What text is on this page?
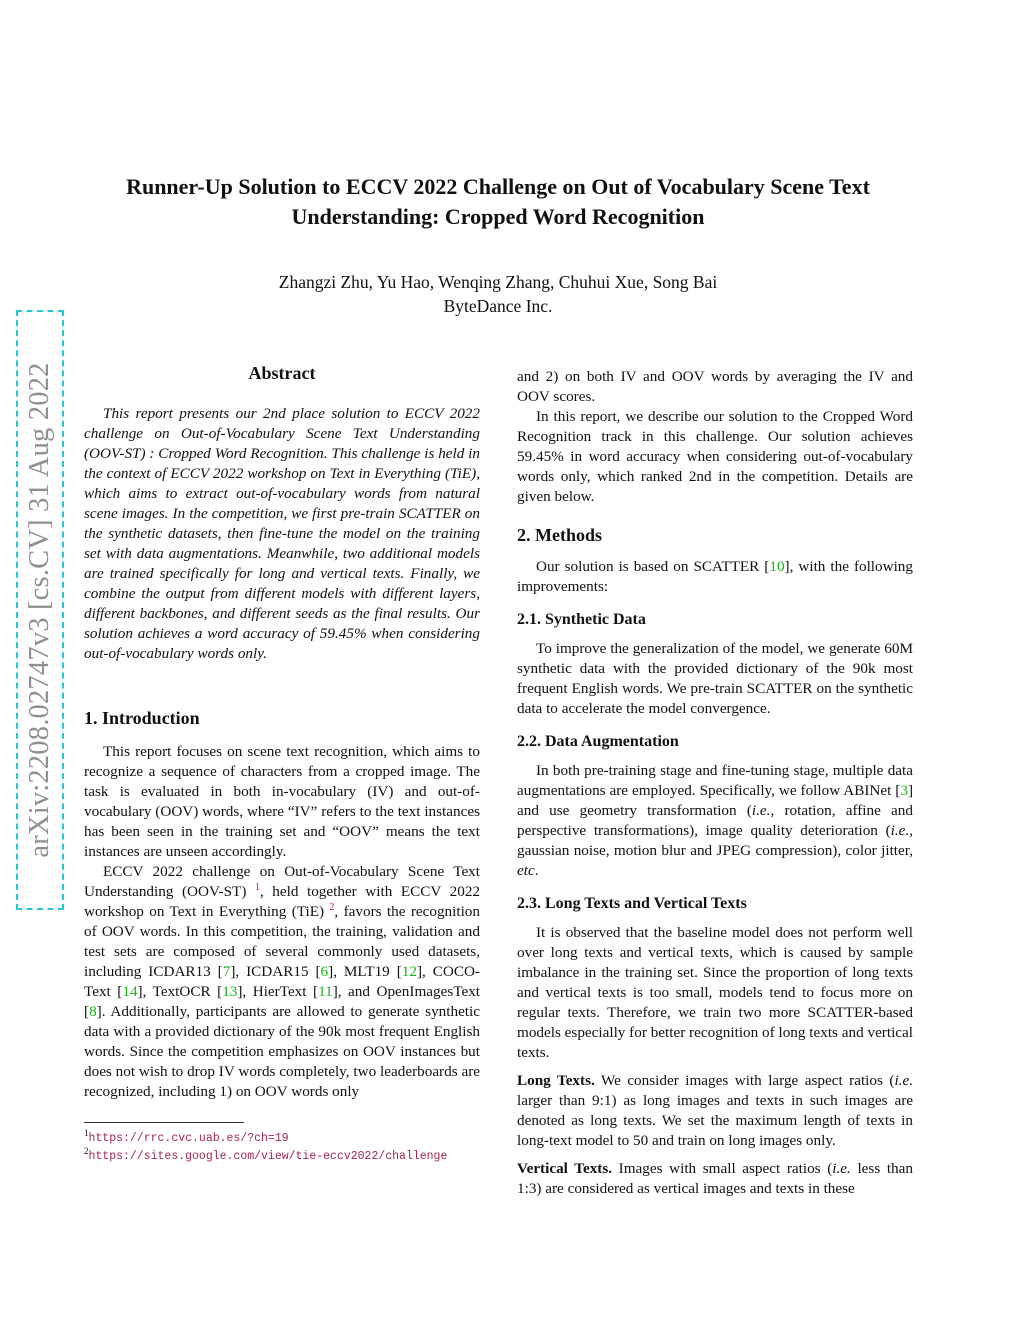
arXiv:2208.02747v3 [cs.CV] 31 Aug 2022
Runner-Up Solution to ECCV 2022 Challenge on Out of Vocabulary Scene Text
Understanding: Cropped Word Recognition
Zhangzi Zhu, Yu Hao, Wenqing Zhang, Chuhui Xue, Song Bai
ByteDance Inc.
Abstract

This report presents our 2nd place solution to ECCV 2022 challenge on Out-of-Vocabulary Scene Text Understanding (OOV-ST) : Cropped Word Recognition. This challenge is held in the context of ECCV 2022 workshop on Text in Everything (TiE), which aims to extract out-of-vocabulary words from natural scene images. In the competition, we first pre-train SCATTER on the synthetic datasets, then fine-tune the model on the training set with data augmentations. Meanwhile, two additional models are trained specifically for long and vertical texts. Finally, we combine the output from different models with different layers, different backbones, and different seeds as the final results. Our solution achieves a word accuracy of 59.45% when considering out-of-vocabulary words only.

1. Introduction

This report focuses on scene text recognition, which aims to recognize a sequence of characters from a cropped image. The task is evaluated in both in-vocabulary (IV) and out-of-vocabulary (OOV) words, where “IV” refers to the text instances has been seen in the training set and “OOV” means the text instances are unseen accordingly.

ECCV 2022 challenge on Out-of-Vocabulary Scene Text Understanding (OOV-ST) $^1$, held together with ECCV 2022 workshop on Text in Everything (TiE) $^2$, favors the recognition of OOV words. In this competition, the training, validation and test sets are composed of several commonly used datasets, including ICDAR13 [7], ICDAR15 [6], MLT19 [12], COCO-Text [14], TextOCR [13], HierText [11], and OpenImagesText [8]. Additionally, participants are allowed to generate synthetic data with a provided dictionary of the 90k most frequent English words. Since the competition emphasizes on OOV instances but does not wish to drop IV words completely, two leaderboards are recognized, including 1) on OOV words only

$^1$https://rrc.cvc.uab.es/?ch=19
$^2$https://sites.google.com/view/tie-eccv2022/challenge

and 2) on both IV and OOV words by averaging the IV and OOV scores.

In this report, we describe our solution to the Cropped Word Recognition track in this challenge. Our solution achieves 59.45% in word accuracy when considering out-of-vocabulary words only, which ranked 2nd in the competition. Details are given below.

2. Methods

Our solution is based on SCATTER [10], with the following improvements:

2.1. Synthetic Data

To improve the generalization of the model, we generate 60M synthetic data with the provided dictionary of the 90k most frequent English words. We pre-train SCATTER on the synthetic data to accelerate the model convergence.

2.2. Data Augmentation

In both pre-training stage and fine-tuning stage, multiple data augmentations are employed. Specifically, we follow ABINet [3] and use geometry transformation (i.e., rotation, affine and perspective transformations), image quality deterioration (i.e., gaussian noise, motion blur and JPEG compression), color jitter, etc.

2.3. Long Texts and Vertical Texts

It is observed that the baseline model does not perform well over long texts and vertical texts, which is caused by sample imbalance in the training set. Since the proportion of long texts and vertical texts is too small, models tend to focus more on regular texts. Therefore, we train two more SCATTER-based models especially for better recognition of long texts and vertical texts.

Long Texts. We consider images with large aspect ratios (i.e. larger than 9:1) as long images and texts in such images are denoted as long texts. We set the maximum length of texts in long-text model to 50 and train on long images only.

Vertical Texts. Images with small aspect ratios (i.e. less than 1:3) are considered as vertical images and texts in these
